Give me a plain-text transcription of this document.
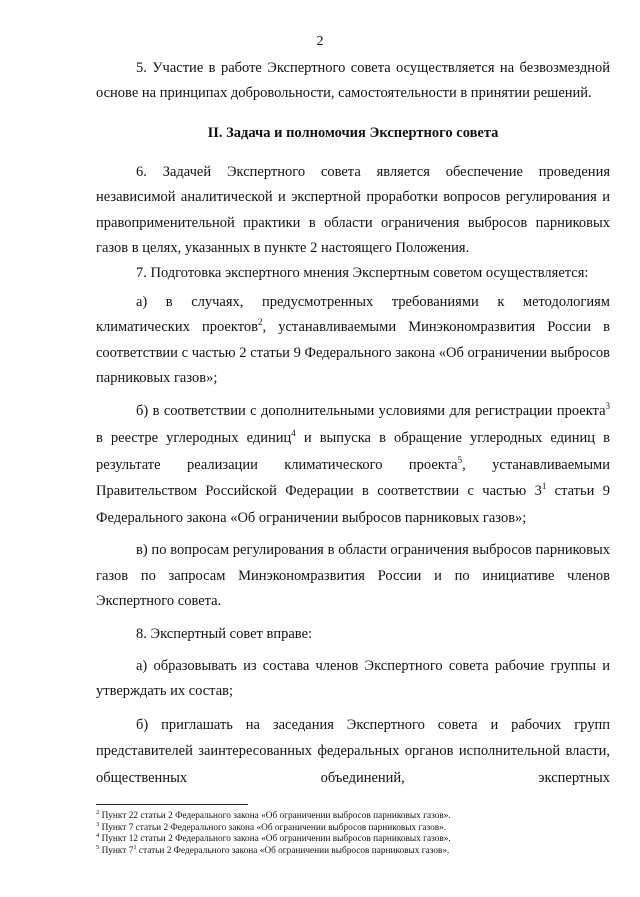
2

5. Участие в работе Экспертного совета осуществляется на безвозмездной основе на принципах добровольности, самостоятельности в принятии решений.

II. Задача и полномочия Экспертного совета

6. Задачей Экспертного совета является обеспечение проведения независимой аналитической и экспертной проработки вопросов регулирования и правоприменительной практики в области ограничения выбросов парниковых газов в целях, указанных в пункте 2 настоящего Положения.

7. Подготовка экспертного мнения Экспертным советом осуществляется:

а) в случаях, предусмотренных требованиями к методологиям климатических проектов$^2$, устанавливаемыми Минэкономразвития России в соответствии с частью 2 статьи 9 Федерального закона «Об ограничении выбросов парниковых газов»;

б) в соответствии с дополнительными условиями для регистрации проекта$^3$ в реестре углеродных единиц$^4$ и выпуска в обращение углеродных единиц в результате реализации климатического проекта$^5$, устанавливаемыми Правительством Российской Федерации в соответствии с частью $3^1$ статьи 9 Федерального закона «Об ограничении выбросов парниковых газов»;

в) по вопросам регулирования в области ограничения выбросов парниковых газов по запросам Минэкономразвития России и по инициативе членов Экспертного совета.

8. Экспертный совет вправе:

а) образовывать из состава членов Экспертного совета рабочие группы и утверждать их состав;

б) приглашать на заседания Экспертного совета и рабочих групп представителей заинтересованных федеральных органов исполнительной власти, общественных объединений, экспертных

$^2$ Пункт 22 статьи 2 Федерального закона «Об ограничении выбросов парниковых газов».

$^3$ Пункт 7 статьи 2 Федерального закона «Об ограничении выбросов парниковых газов».

$^4$ Пункт 12 статьи 2 Федерального закона «Об ограничении выбросов парниковых газов».

$^5$ Пункт $7^1$ статьи 2 Федерального закона «Об ограничении выбросов парниковых газов».
